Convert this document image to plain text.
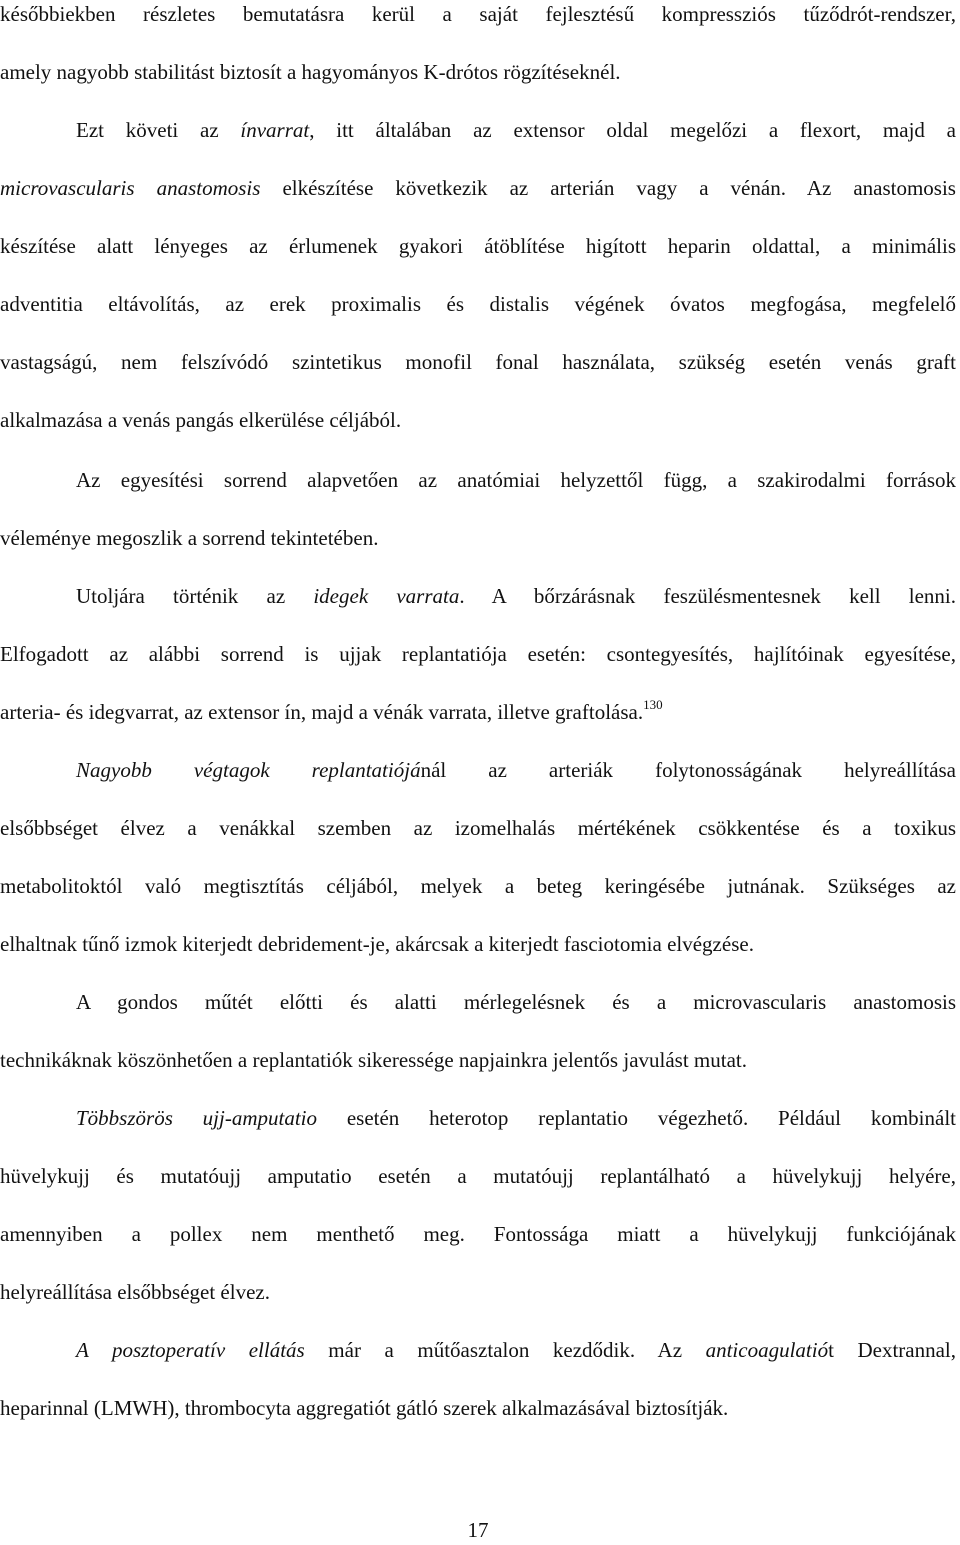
későbbiekben részletes bemutatásra kerül a saját fejlesztésű kompressziós tűződrót-rendszer,
amely nagyobb stabilitást biztosít a hagyományos K-drótos rögzítéseknél.
Ezt követi az ínvarrat, itt általában az extensor oldal megelőzi a flexort, majd a
microvascularis anastomosis elkészítése következik az arterián vagy a vénán. Az anastomosis
készítése alatt lényeges az érlumenek gyakori átöblítése higított heparin oldattal, a minimális
adventitia eltávolítás, az erek proximalis és distalis végének óvatos megfogása, megfelelő
vastagságú, nem felszívódó szintetikus monofil fonal használata, szükség esetén venás graft
alkalmazása a venás pangás elkerülése céljából.
Az egyesítési sorrend alapvetően az anatómiai helyzettől függ, a szakirodalmi források
véleménye megoszlik a sorrend tekintetében.
Utoljára történik az idegek varrata. A bőrzárásnak feszülésmentesnek kell lenni.
Elfogadott az alábbi sorrend is ujjak replantatiója esetén: csontegyesítés, hajlítóinak egyesítése,
arteria- és idegvarrat, az extensor ín, majd a vénák varrata, illetve graftolása.$^{130}$
Nagyobb végtagok replantatiójánál az arteriák folytonosságának helyreállítása
elsőbbséget élvez a venákkal szemben az izomelhalás mértékének csökkentése és a toxikus
metabolitoktól való megtisztítás céljából, melyek a beteg keringésébe jutnának. Szükséges az
elhaltnak tűnő izmok kiterjedt debridement-je, akárcsak a kiterjedt fasciotomia elvégzése.
A gondos műtét előtti és alatti mérlegelésnek és a microvascularis anastomosis
technikáknak köszönhetően a replantatiók sikeressége napjainkra jelentős javulást mutat.
Többszörös ujj-amputatio esetén heterotop replantatio végezhető. Például kombinált
hüvelykujj és mutatóujj amputatio esetén a mutatóujj replantálható a hüvelykujj helyére,
amennyiben a pollex nem menthető meg. Fontossága miatt a hüvelykujj funkciójának
helyreállítása elsőbbséget élvez.
A posztoperatív ellátás már a műtőasztalon kezdődik. Az anticoagulatiót Dextrannal,
heparinnal (LMWH), thrombocyta aggregatiót gátló szerek alkalmazásával biztosítják.
17
